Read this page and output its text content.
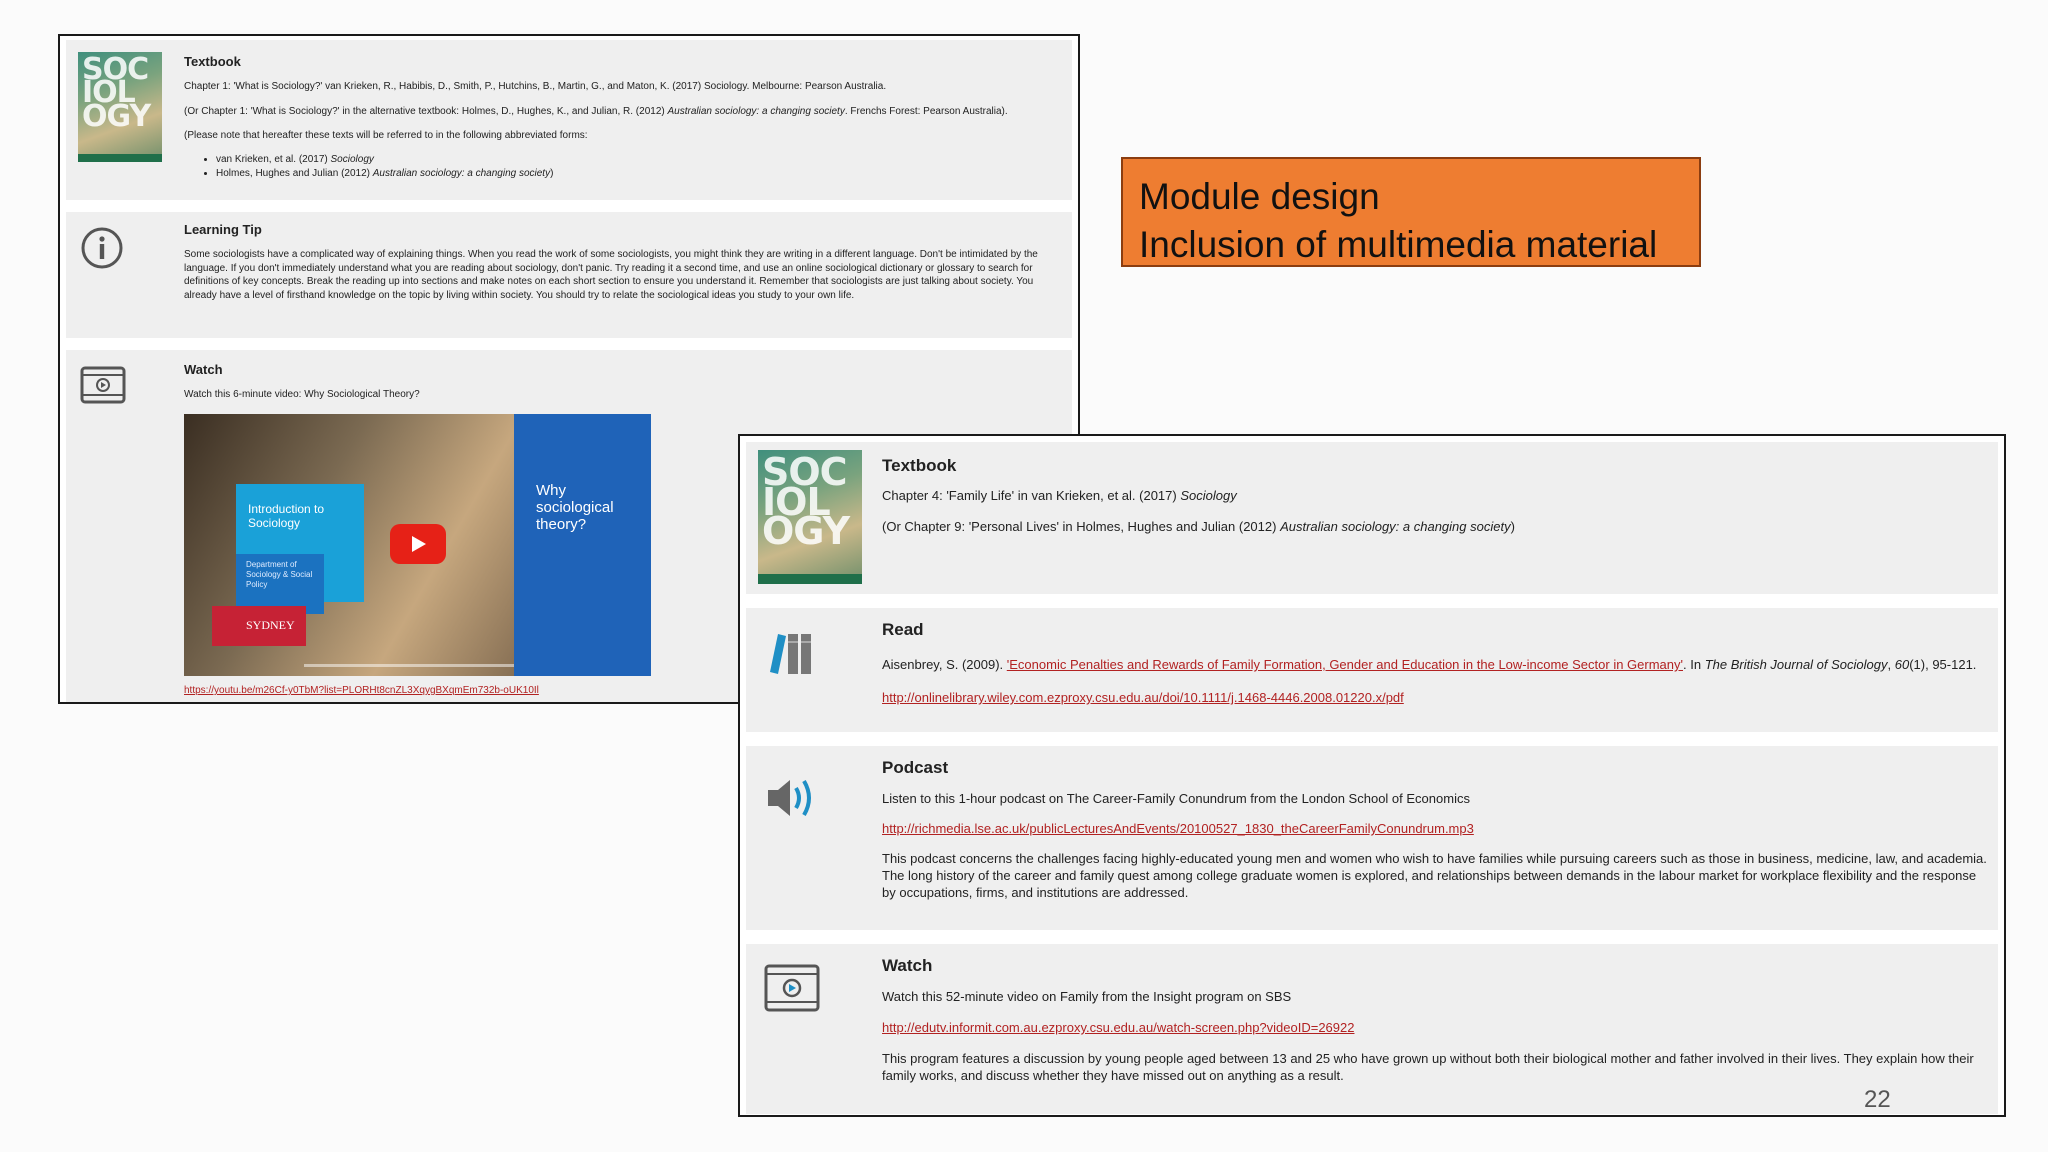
SOC IOL OGY
Textbook
Chapter 1: 'What is Sociology?' van Krieken, R., Habibis, D., Smith, P., Hutchins, B., Martin, G., and Maton, K. (2017) Sociology. Melbourne: Pearson Australia.
(Or Chapter 1: 'What is Sociology?' in the alternative textbook: Holmes, D., Hughes, K., and Julian, R. (2012) Australian sociology: a changing society. Frenchs Forest: Pearson Australia).
(Please note that hereafter these texts will be referred to in the following abbreviated forms:
• van Krieken, et al. (2017) Sociology
• Holmes, Hughes and Julian (2012) Australian sociology: a changing society)
Learning Tip
Some sociologists have a complicated way of explaining things. When you read the work of some sociologists, you might think they are writing in a different language. Don't be intimidated by the language. If you don't immediately understand what you are reading about sociology, don't panic. Try reading it a second time, and use an online sociological dictionary or glossary to search for definitions of key concepts. Break the reading up into sections and make notes on each short section to ensure you understand it. Remember that sociologists are just talking about society. You already have a level of firsthand knowledge on the topic by living within society. You should try to relate the sociological ideas you study to your own life.
Watch
Watch this 6-minute video: Why Sociological Theory?
Why sociological theory?
Introduction to Sociology
Department of Sociology & Social Policy
SYDNEY
https://youtu.be/m26Cf-y0TbM?list=PLORHt8cnZL3XqygBXqmEm732b-oUK10Il
Module design
Inclusion of multimedia material
SOC IOL OGY
Textbook
Chapter 4: 'Family Life' in van Krieken, et al. (2017) Sociology
(Or Chapter 9: 'Personal Lives' in Holmes, Hughes and Julian (2012) Australian sociology: a changing society)
Read
Aisenbrey, S. (2009). 'Economic Penalties and Rewards of Family Formation, Gender and Education in the Low-income Sector in Germany'. In The British Journal of Sociology, 60(1), 95-121.
http://onlinelibrary.wiley.com.ezproxy.csu.edu.au/doi/10.1111/j.1468-4446.2008.01220.x/pdf
Podcast
Listen to this 1-hour podcast on The Career-Family Conundrum from the London School of Economics
http://richmedia.lse.ac.uk/publicLecturesAndEvents/20100527_1830_theCareerFamilyConundrum.mp3
This podcast concerns the challenges facing highly-educated young men and women who wish to have families while pursuing careers such as those in business, medicine, law, and academia. The long history of the career and family quest among college graduate women is explored, and relationships between demands in the labour market for workplace flexibility and the response by occupations, firms, and institutions are addressed.
Watch
Watch this 52-minute video on Family from the Insight program on SBS
http://edutv.informit.com.au.ezproxy.csu.edu.au/watch-screen.php?videoID=26922
This program features a discussion by young people aged between 13 and 25 who have grown up without both their biological mother and father involved in their lives. They explain how their family works, and discuss whether they have missed out on anything as a result.
22
